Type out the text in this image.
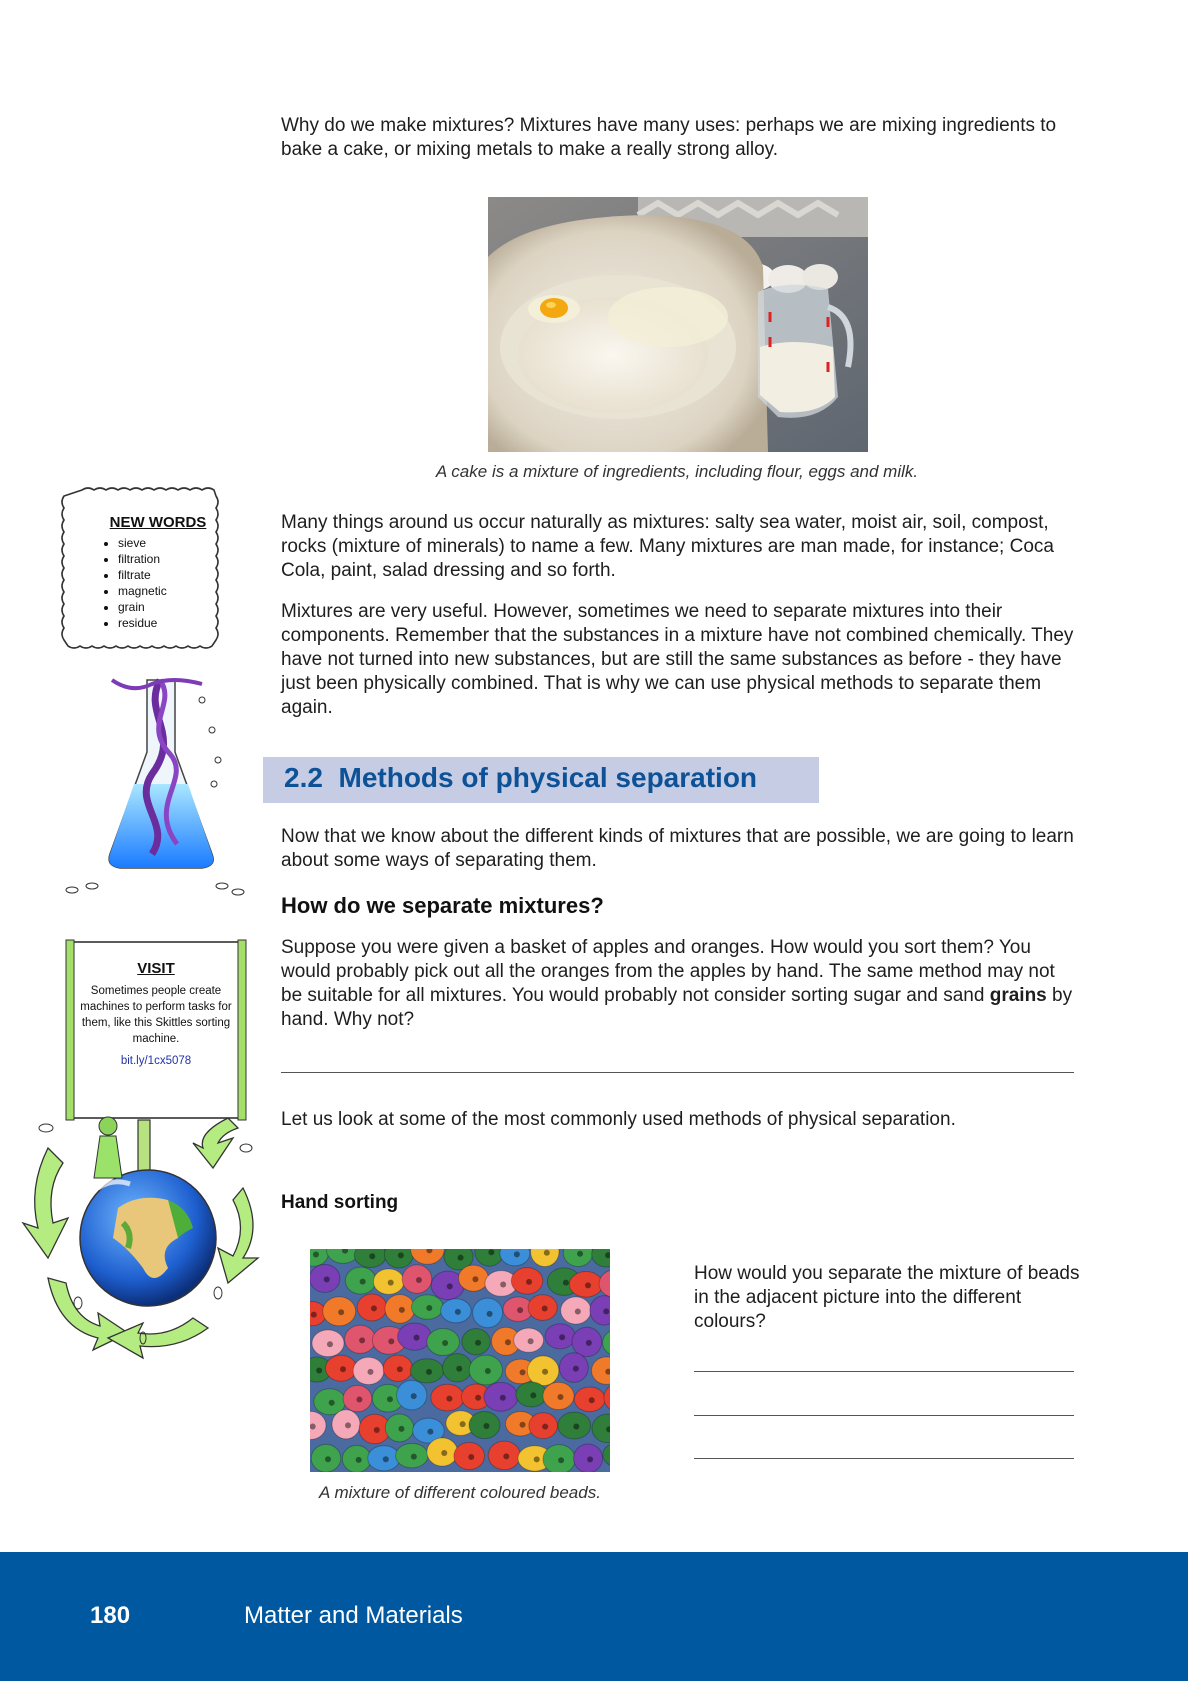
Why do we make mixtures? Mixtures have many uses: perhaps we are mixing ingredients to bake a cake, or mixing metals to make a really strong alloy.

A cake is a mixture of ingredients, including flour, eggs and milk.

NEW WORDS
• sieve
• filtration
• filtrate
• magnetic
• grain
• residue

Many things around us occur naturally as mixtures: salty sea water, moist air, soil, compost, rocks (mixture of minerals) to name a few. Many mixtures are man made, for instance; Coca Cola, paint, salad dressing and so forth.

Mixtures are very useful. However, sometimes we need to separate mixtures into their components. Remember that the substances in a mixture have not combined chemically. They have not turned into new substances, but are still the same substances as before - they have just been physically combined. That is why we can use physical methods to separate them again.

2.2 Methods of physical separation

Now that we know about the different kinds of mixtures that are possible, we are going to learn about some ways of separating them.

How do we separate mixtures?

Suppose you were given a basket of apples and oranges. How would you sort them? You would probably pick out all the oranges from the apples by hand. The same method may not be suitable for all mixtures. You would probably not consider sorting sugar and sand grains by hand. Why not?

Let us look at some of the most commonly used methods of physical separation.

VISIT
Sometimes people create machines to perform tasks for them, like this Skittles sorting machine.
bit.ly/1cx5078
Hand sorting

A mixture of different coloured beads.

How would you separate the mixture of beads in the adjacent picture into the different colours?

180	Matter and Materials
